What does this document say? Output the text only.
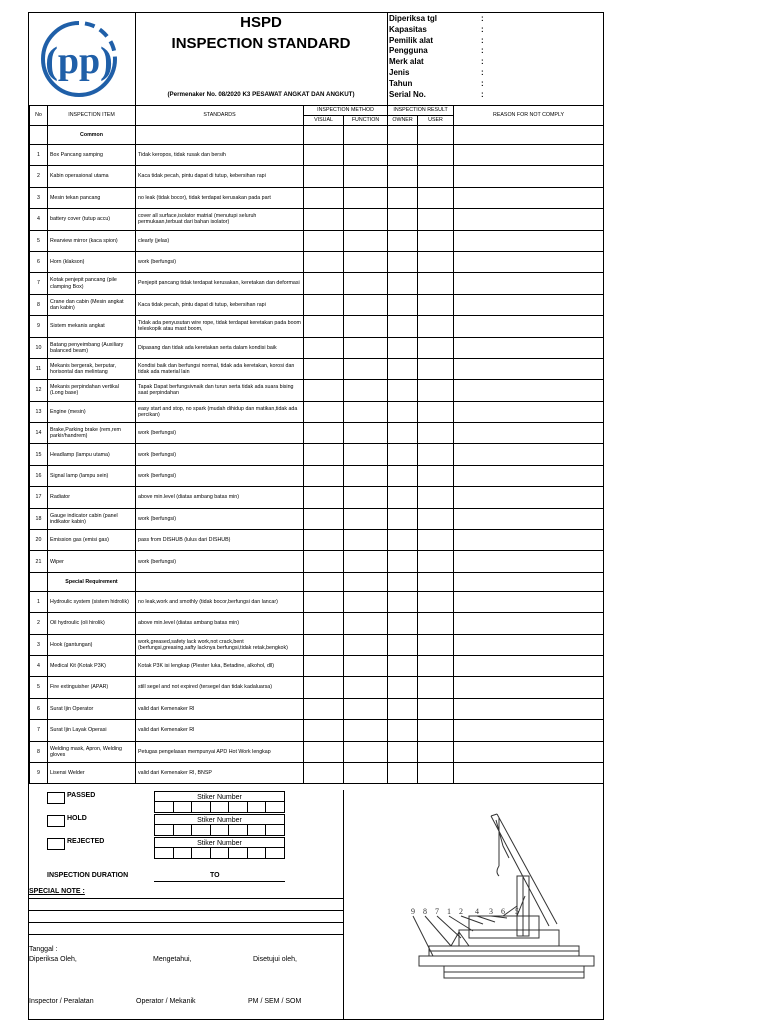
(pp)
HSPD
INSPECTION STANDARD
(Permenaker No. 08/2020 K3 PESAWAT ANGKAT DAN ANGKUT)
Diperiksa tgl	:
Kapasitas	:
Pemilik alat	:
Pengguna	:
Merk alat	:
Jenis	:
Tahun	:
Serial No.	:
No	INSPECTION ITEM	STANDARDS	INSPECTION METHOD		INSPECTION RESULT		REASON FOR NOT COMPLY
			VISUAL	FUNCTION	OWNER	USER	
	Common						
1	Box Pancang samping	Tidak keropos, tidak rusak dan bersih					
2	Kabin operasional utama	Kaca tidak pecah, pintu dapat di tutup, kebersihan rapi					
3	Mesin tekan pancang	no leak (tidak bocor), tidak terdapat kerusakan pada part					
4	battery cover (tutup accu)	cover all surface,isolator matrial (menutupi seluruh permukaan,terbuat dari bahan isolator)					
5	Rearview mirror (kaca spion)	clearly (jelas)					
6	Horn (klakson)	work (berfungsi)					
7	Kotak penjepit pancang (pile clamping Box)	Penjepit pancang tidak terdapat kerusakan, keretakan dan deformasi					
8	Crane dan cabin (Mesin angkat dan kabin)	Kaca tidak pecah, pintu dapat di tutup, kebersihan rapi					
9	Sistem mekanis angkat	Tidak ada penyusutan wire rope, tidak terdapat keretakan pada boom teleskopik atau mast boom,					
10	Batang penyeimbang (Auxiliary balanced beam)	Dipasang dan tidak ada keretakan serta dalam kondisi baik					
11	Mekanis bergerak, berputar, horisontal dan melintang	Kondisi baik dan berfungsi normal, tidak ada keretakan, korosi dan tidak ada material lain					
12	Mekanis perpindahan vertikal (Long base)	Tapak Dapat berfungsivnaik dan turun serta tidak ada suara bising saat perpindahan					
13	Engine (mesin)	easy start and stop, no spark (mudah dihidup dan matikan,tidak ada percikan)					
14	Brake,Parking brake (rem,rem parkir/handrem)	work (berfungsi)					
15	Headlamp (lampu utama)	work (berfungsi)					
16	Signal lamp (lampu sein)	work (berfungsi)					
17	Radiator	above min.level (diatas ambang batas min)					
18	Gauge indicator cabin (panel indikator kabin)	work (berfungsi)					
20	Emission gas (emisi gas)	pass from DISHUB (lulus dari DISHUB)					
21	Wiper	work (berfungsi)					
	Special Requirement						
1	Hydroulic system (sistem hidrolik)	no leak,work and smothly (tidak bocor,berfungsi dan lancar)					
2	Oil hydroulic (oli hirolik)	above min.level (diatas ambang batas min)					
3	Hook (gantungan)	work,greased,safety lack work,not crack,bent (berfungsi,greasing,safty lacknya berfungsi,tidak retak,bengkok)					
4	Medical Kit (Kotak P3K)	Kotak P3K isi lengkap (Plester luka, Betadine, alkohol, dll)					
5	Fire extinguisher (APAR)	still segel and not expired (tersegel dan tidak kadaluarsa)					
6	Surat Ijin Operator	valid dari Kemenaker RI					
7	Surat Ijin Layak Operasi	valid dari Kemenaker RI					
8	Welding mask, Apron, Welding gloves	Petugas pengelasan mempunyai APD Hot Work lengkap					
9	Lisensi Welder	valid dari Kemenaker RI, BNSP					
PASSED
HOLD
REJECTED
Stiker Number
Stiker Number
Stiker Number
INSPECTION DURATION	TO
SPECIAL NOTE :
Tanggal :
Diperiksa Oleh,	Mengetahui,	Disetujui oleh,
Inspector / Peralatan	Operator / Mekanik	PM / SEM / SOM
9 8 7 1 2 4 3 6 5
